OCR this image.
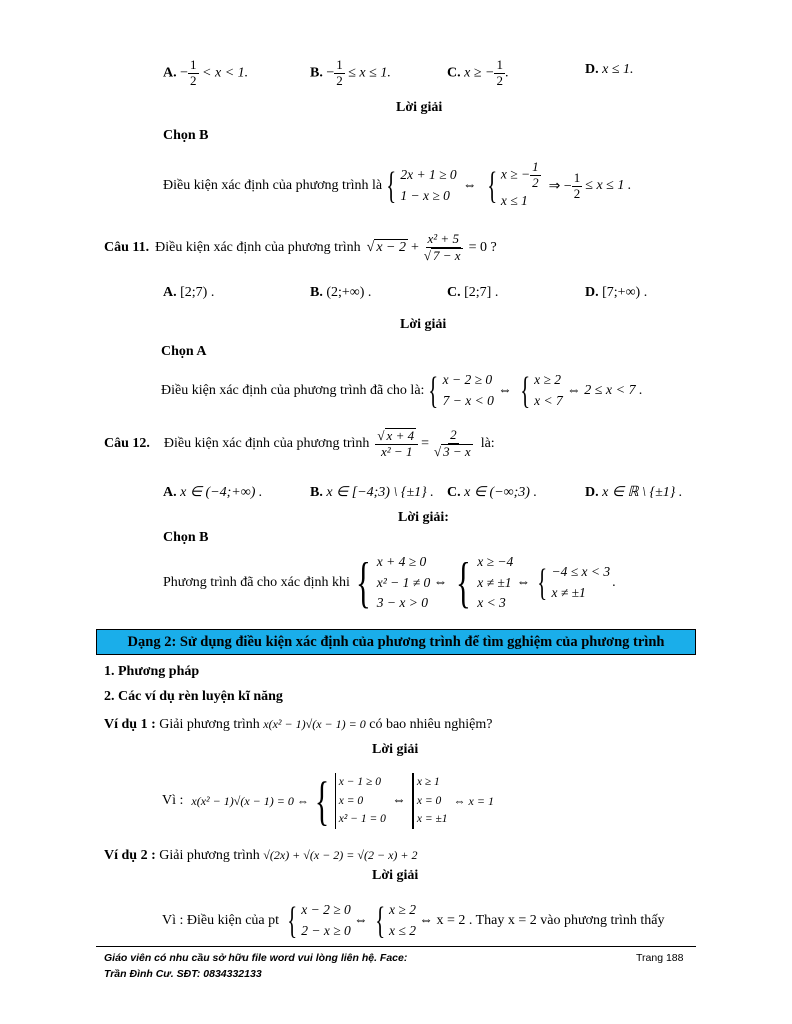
A. − $\frac{1}{2} < x < 1$.	B. − $\frac{1}{2} \le x \le 1$.	C. x ≥ − $\frac{1}{2}$ .	D. x ≤ 1.
Lời giải
Chọn B
Điều kiện xác định của phương trình là { 2x + 1 ≥ 0
1 − x ≥ 0
⇔ { x ≥ − $\frac{1}{2}$
x ≤ 1
⇒ − $\frac{1}{2} \le x \le 1$ .
Câu 11. Điều kiện xác định của phương trình √ $x - 2 + \frac{\text{x² + 5}}{√ 7 - x} = 0$ ?
A. [2;7) .	B. (2;+∞) .	C. [2;7] .	D. [7;+∞) .
Lời giải
Chọn A
Điều kiện xác định của phương trình đã cho là: { x − 2 ≥ 0
7 − x < 0
⇔ { x ≥ 2
x < 7
⇔ 2 ≤ x < 7 .
Câu 12. Điều kiện xác định của phương trình $\frac{√ x + 4}{\text{x² − 1}} = \frac{2}{√ 3 - x}$ là:
A. x ∈ (−4;+∞) .	B. x ∈ [−4;3) \ {±1} . C. x ∈ (−∞;3) .	D. x ∈ ℝ \ {±1} .
Lời giải:
Chọn B
Phương trình đã cho xác định khi { x + 4 ≥ 0
x² − 1 ≠ 0
3 − x > 0
⇔ { x ≥ −4
x ≠ ±1
x < 3
⇔ { −4 ≤ x < 3
x ≠ ±1
.
Dạng 2: Sử dụng điều kiện xác định của phương trình để tìm gghiệm của phương trình
1. Phương pháp
2. Các ví dụ rèn luyện kĩ năng
Ví dụ 1 : Giải phương trình x(x² − 1)√(x − 1) = 0 có bao nhiêu nghiệm?
Lời giải
Vì : x(x² − 1)√(x − 1) = 0 ⇔ { x − 1 ≥ 0
x = 0
x² − 1 = 0
⇔
x ≥ 1
x = 0
x = ±1
⇔ x = 1
Ví dụ 2 : Giải phương trình √(2x) + √(x − 2) = √(2 − x) + 2
Lời giải
Vì : Điều kiện của pt { x − 2 ≥ 0
2 − x ≥ 0
⇔ { x ≥ 2
x ≤ 2
⇔ x = 2 . Thay x = 2 vào phương trình thấy
Giáo viên có nhu cầu sở hữu file word vui lòng liên hệ. Face:
Trần Đình Cư. SĐT: 0834332133
Trang 188
